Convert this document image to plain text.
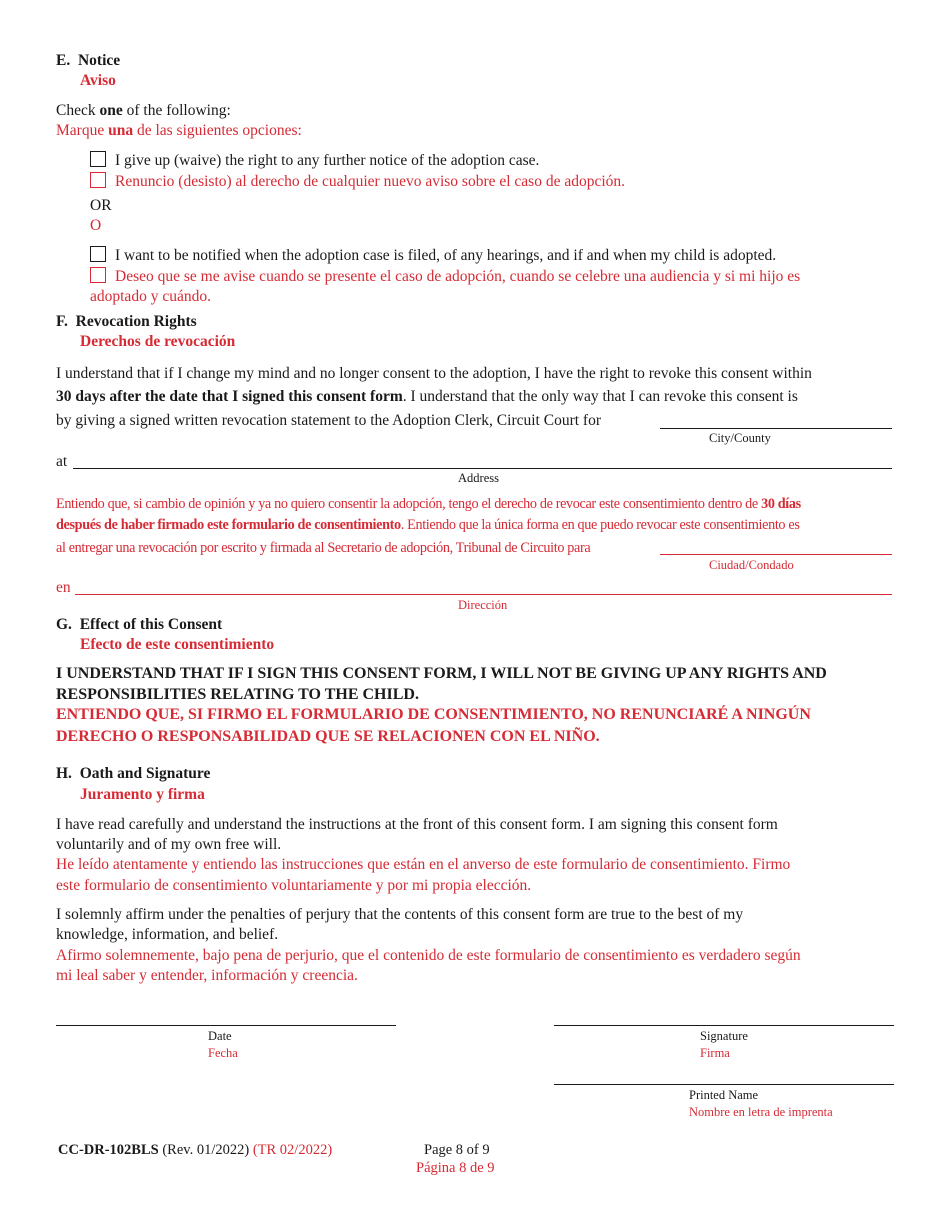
E. Notice
Aviso
Check one of the following:
Marque una de las siguientes opciones:
I give up (waive) the right to any further notice of the adoption case.
Renuncio (desisto) al derecho de cualquier nuevo aviso sobre el caso de adopción.
OR
O
I want to be notified when the adoption case is filed, of any hearings, and if and when my child is adopted.
Deseo que se me avise cuando se presente el caso de adopción, cuando se celebre una audiencia y si mi hijo es
adoptado y cuándo.
F. Revocation Rights
Derechos de revocación
I understand that if I change my mind and no longer consent to the adoption, I have the right to revoke this consent within
30 days after the date that I signed this consent form. I understand that the only way that I can revoke this consent is
by giving a signed written revocation statement to the Adoption Clerk, Circuit Court for
City/County
at
Address
Entiendo que, si cambio de opinión y ya no quiero consentir la adopción, tengo el derecho de revocar este consentimiento dentro de 30 días
después de haber firmado este formulario de consentimiento. Entiendo que la única forma en que puedo revocar este consentimiento es
al entregar una revocación por escrito y firmada al Secretario de adopción, Tribunal de Circuito para
Ciudad/Condado
en
Dirección
G. Effect of this Consent
Efecto de este consentimiento
I UNDERSTAND THAT IF I SIGN THIS CONSENT FORM, I WILL NOT BE GIVING UP ANY RIGHTS AND
RESPONSIBILITIES RELATING TO THE CHILD.
ENTIENDO QUE, SI FIRMO EL FORMULARIO DE CONSENTIMIENTO, NO RENUNCIARÉ A NINGÚN
DERECHO O RESPONSABILIDAD QUE SE RELACIONEN CON EL NIÑO.
H. Oath and Signature
Juramento y firma
I have read carefully and understand the instructions at the front of this consent form. I am signing this consent form
voluntarily and of my own free will.
He leído atentamente y entiendo las instrucciones que están en el anverso de este formulario de consentimiento. Firmo
este formulario de consentimiento voluntariamente y por mi propia elección.
I solemnly affirm under the penalties of perjury that the contents of this consent form are true to the best of my
knowledge, information, and belief.
Afirmo solemnemente, bajo pena de perjurio, que el contenido de este formulario de consentimiento es verdadero según
mi leal saber y entender, información y creencia.
Date
Fecha
Signature
Firma
Printed Name
Nombre en letra de imprenta
CC-DR-102BLS (Rev. 01/2022) (TR 02/2022)	Page 8 of 9
Página 8 de 9
